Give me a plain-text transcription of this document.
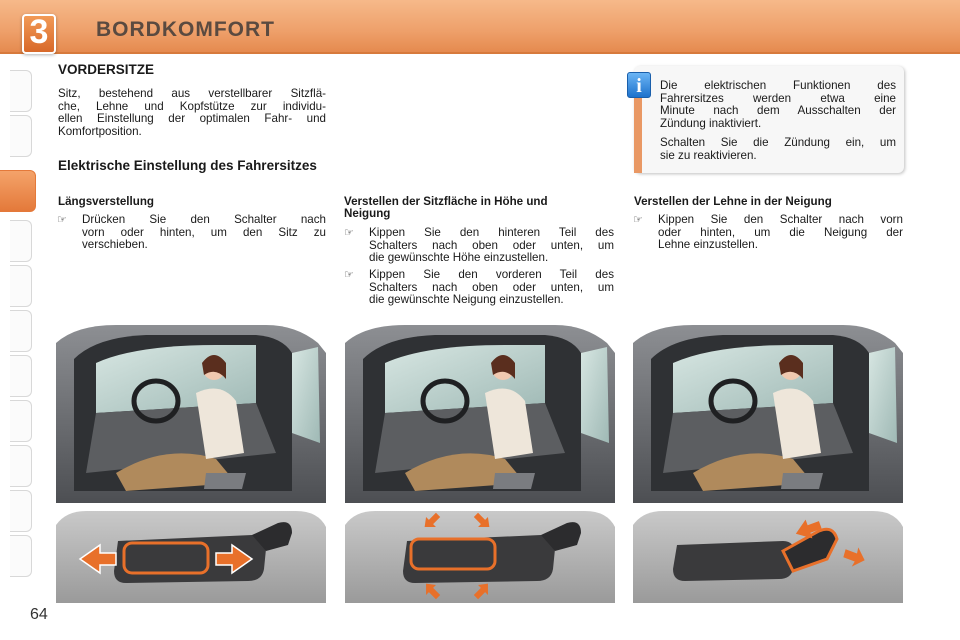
3	BORDKOMFORT
VORDERSITZE
Sitz, bestehend aus verstellbarer Sitzflä-
che, Lehne und Kopfstütze zur individu-
ellen Einstellung der optimalen Fahr- und
Komfortposition.
Elektrische Einstellung des Fahrersitzes
i	Die elektrischen Funktionen des
Fahrersitzes werden etwa eine
Minute nach dem Ausschalten der
Zündung inaktiviert.
Schalten Sie die Zündung ein, um
sie zu reaktivieren.
Längsverstellung
☞ Drücken Sie den Schalter nach
vorn oder hinten, um den Sitz zu
verschieben.
Verstellen der Sitzfläche in Höhe und Neigung
☞ Kippen Sie den hinteren Teil des
Schalters nach oben oder unten, um
die gewünschte Höhe einzustellen.
☞ Kippen Sie den vorderen Teil des
Schalters nach oben oder unten, um
die gewünschte Neigung einzustellen.
Verstellen der Lehne in der Neigung
☞ Kippen Sie den Schalter nach vorn
oder hinten, um die Neigung der
Lehne einzustellen.
64
